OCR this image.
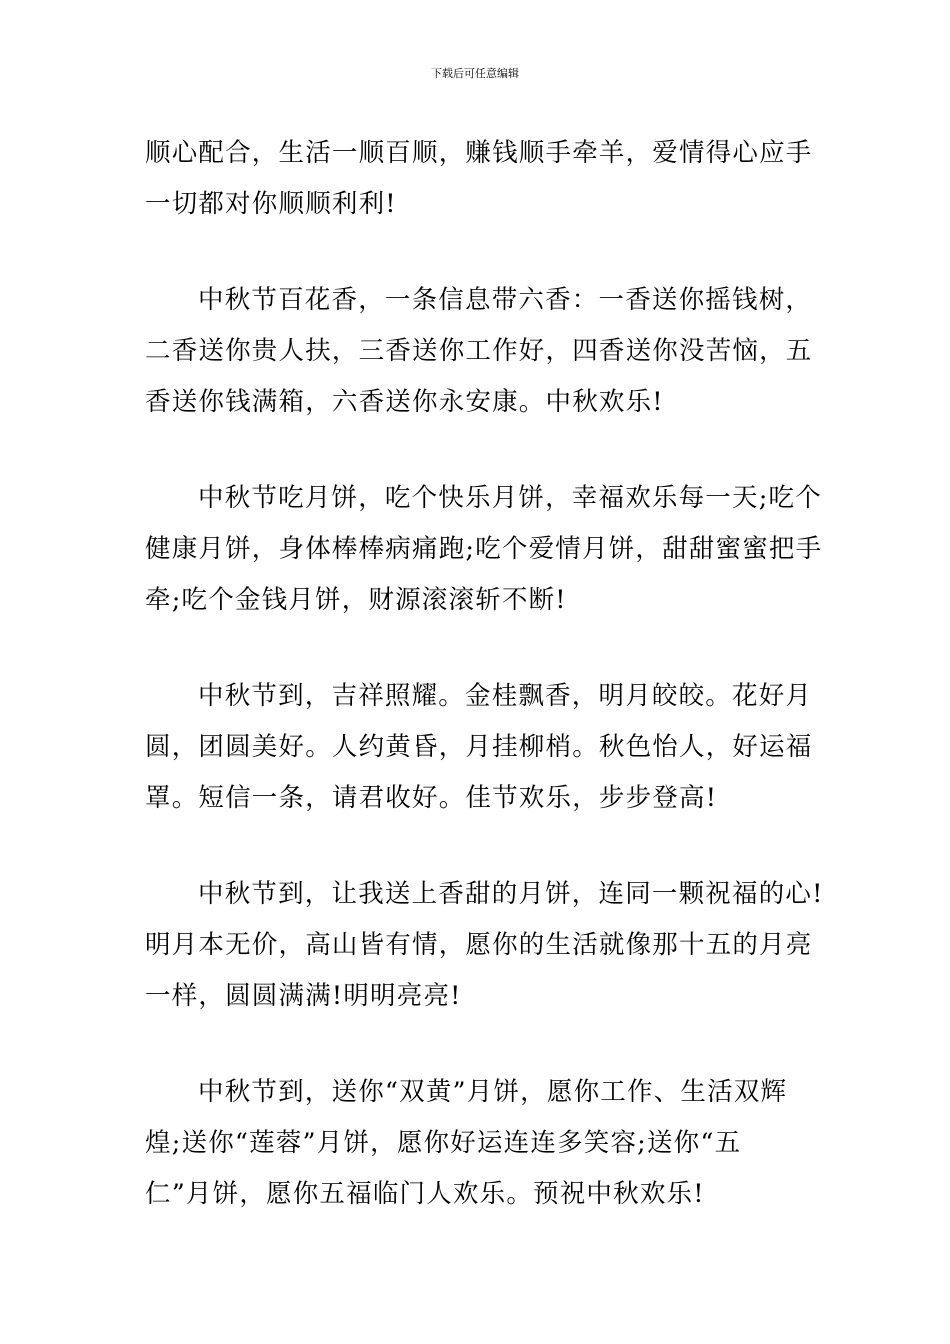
下载后可任意编辑

顺心配合，生活一顺百顺，赚钱顺手牵羊，爱情得心应手
一切都对你顺顺利利!

中秋节百花香，一条信息带六香：一香送你摇钱树，
二香送你贵人扶，三香送你工作好，四香送你没苦恼，五
香送你钱满箱，六香送你永安康。中秋欢乐!

中秋节吃月饼，吃个快乐月饼，幸福欢乐每一天;吃个
健康月饼，身体棒棒病痛跑;吃个爱情月饼，甜甜蜜蜜把手
牵;吃个金钱月饼，财源滚滚斩不断!

中秋节到，吉祥照耀。金桂飘香，明月皎皎。花好月
圆，团圆美好。人约黄昏，月挂柳梢。秋色怡人，好运福
罩。短信一条，请君收好。佳节欢乐，步步登高!

中秋节到，让我送上香甜的月饼，连同一颗祝福的心!
明月本无价，高山皆有情，愿你的生活就像那十五的月亮
一样，圆圆满满!明明亮亮!

中秋节到，送你“双黄”月饼，愿你工作、生活双辉
煌;送你“莲蓉”月饼，愿你好运连连多笑容;送你“五
仁”月饼，愿你五福临门人欢乐。预祝中秋欢乐!
